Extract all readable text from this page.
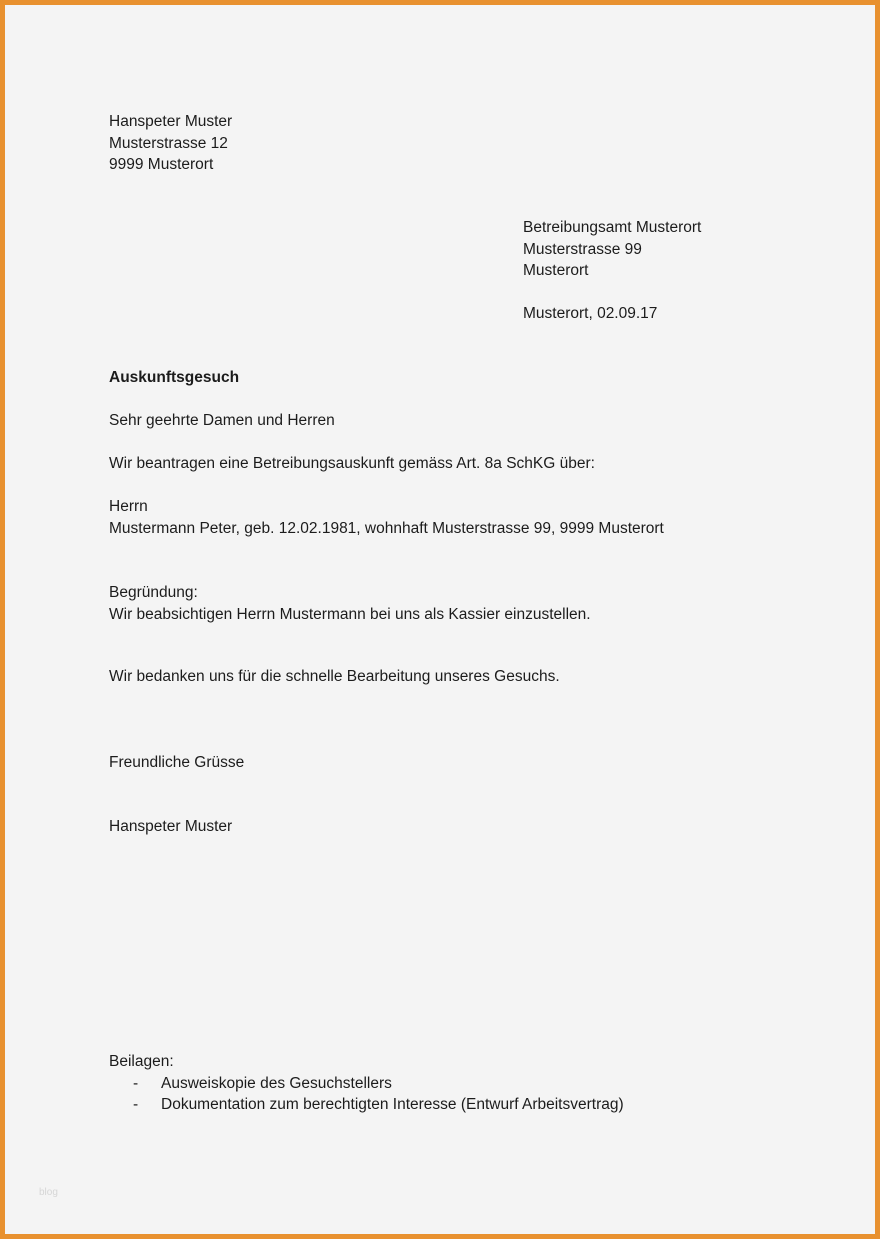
Hanspeter Muster
Musterstrasse 12
9999 Musterort
Betreibungsamt Musterort
Musterstrasse 99
Musterort
Musterort, 02.09.17
Auskunftsgesuch
Sehr geehrte Damen und Herren
Wir beantragen eine Betreibungsauskunft gemäss Art. 8a SchKG über:
Herrn
Mustermann Peter, geb. 12.02.1981, wohnhaft Musterstrasse 99, 9999 Musterort
Begründung:
Wir beabsichtigen Herrn Mustermann bei uns als Kassier einzustellen.
Wir bedanken uns für die schnelle Bearbeitung unseres Gesuchs.
Freundliche Grüsse
Hanspeter Muster
Beilagen:
- Ausweiskopie des Gesuchstellers
- Dokumentation zum berechtigten Interesse (Entwurf Arbeitsvertrag)
blog
